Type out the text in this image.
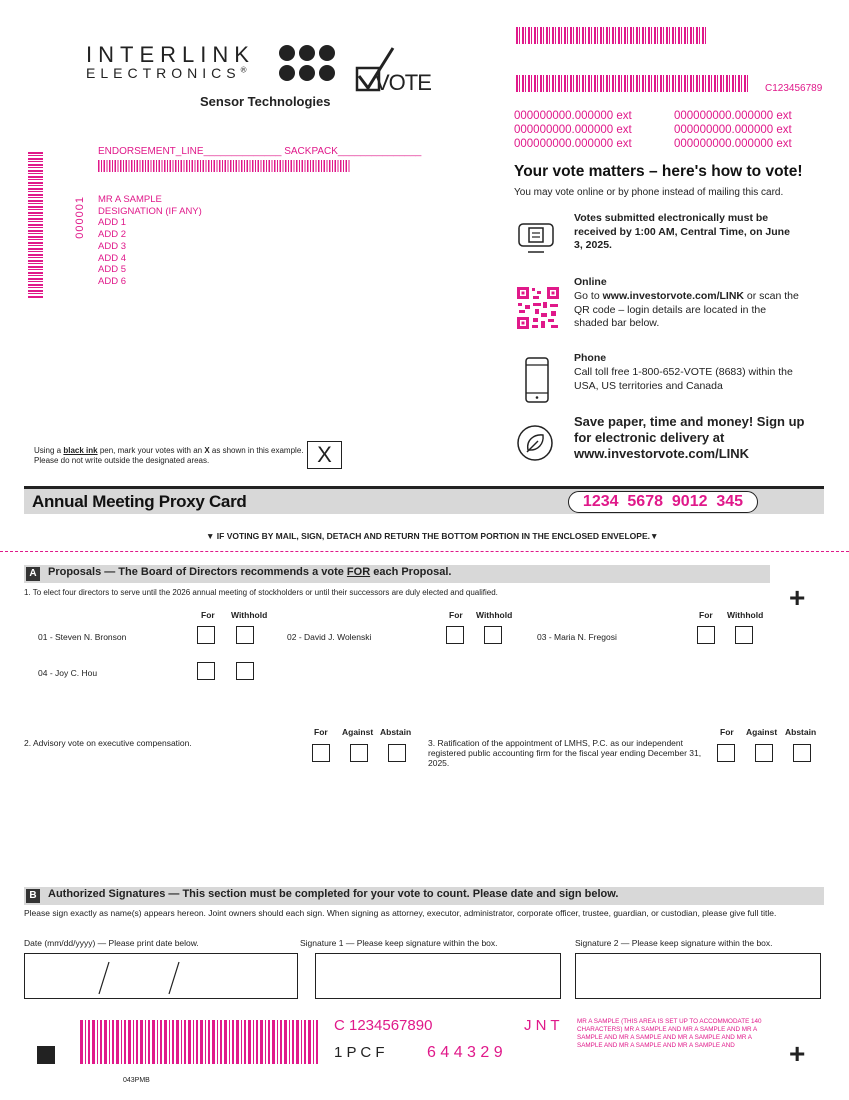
INTERLINK
ELECTRONICS®
Sensor Technologies
VOTE	C123456789
000000000.000000 ext	000000000.000000 ext
000000000.000000 ext	000000000.000000 ext
000000000.000000 ext	000000000.000000 ext
ENDORSEMENT_LINE______________ SACKPACK_______________
000001 MR A SAMPLE
DESIGNATION (IF ANY)
ADD 1
ADD 2
ADD 3
ADD 4
ADD 5
ADD 6
Your vote matters – here's how to vote!
You may vote online or by phone instead of mailing this card.
Votes submitted electronically must be received by 1:00 AM, Central Time, on June 3, 2025.
Online
Go to www.investorvote.com/LINK or scan the QR code – login details are located in the shaded bar below.
Phone
Call toll free 1-800-652-VOTE (8683) within the USA, US territories and Canada
Save paper, time and money! Sign up for electronic delivery at www.investorvote.com/LINK
Using a black ink pen, mark your votes with an X as shown in this example.
Please do not write outside the designated areas.	X
Annual Meeting Proxy Card	1234  5678  9012  345
▼ IF VOTING BY MAIL, SIGN, DETACH AND RETURN THE BOTTOM PORTION IN THE ENCLOSED ENVELOPE.▼
A	Proposals — The Board of Directors recommends a vote FOR each Proposal.
+
1. To elect four directors to serve until the 2026 annual meeting of stockholders or until their successors are duly elected and qualified.
For Withhold	For Withhold	For Withhold
01 - Steven N. Bronson	02 - David J. Wolenski	03 - Maria N. Fregosi
04 - Joy C. Hou
2. Advisory vote on executive compensation.
For Against Abstain
3. Ratification of the appointment of LMHS, P.C. as our independent registered public accounting firm for the fiscal year ending December 31, 2025.
For Against Abstain
B	Authorized Signatures — This section must be completed for your vote to count. Please date and sign below.
Please sign exactly as name(s) appears hereon. Joint owners should each sign. When signing as attorney, executor, administrator, corporate officer, trustee, guardian, or custodian, please give full title.
Date (mm/dd/yyyy) — Please print date below.	Signature 1 — Please keep signature within the box.	Signature 2 — Please keep signature within the box.
043PMB
C 1234567890	J N T
1 P C F	6 4 4 3 2 9
MR A SAMPLE (THIS AREA IS SET UP TO ACCOMMODATE 140 CHARACTERS) MR A SAMPLE AND MR A SAMPLE AND MR A SAMPLE AND MR A SAMPLE AND MR A SAMPLE AND MR A SAMPLE AND MR A SAMPLE AND MR A SAMPLE AND	+
